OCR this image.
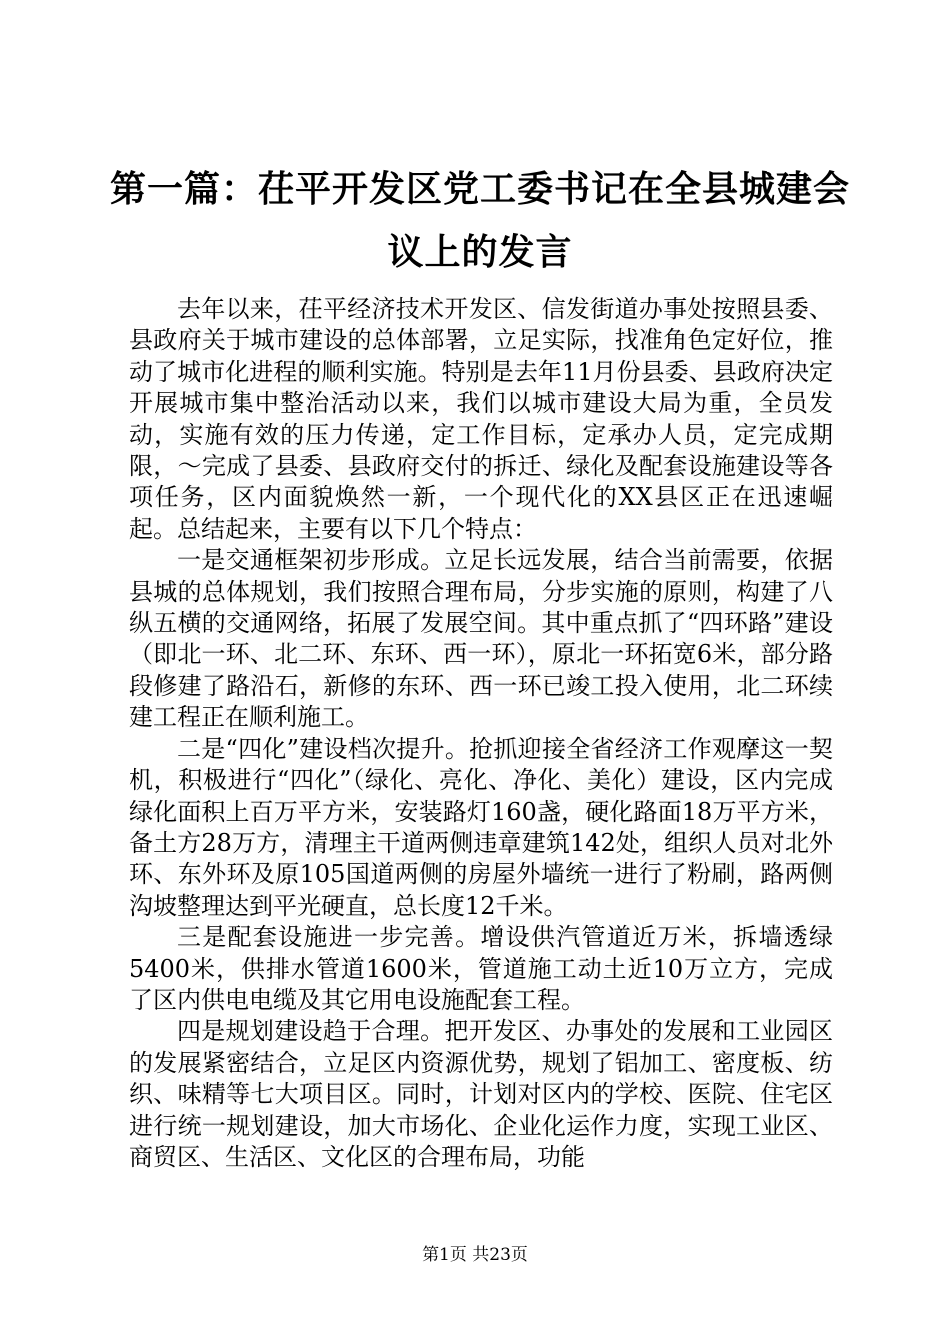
第一篇：茌平开发区党工委书记在全县城建会议上的发言

去年以来，茌平经济技术开发区、信发街道办事处按照县委、县政府关于城市建设的总体部署，立足实际，找准角色定好位，推动了城市化进程的顺利实施。特别是去年11月份县委、县政府决定开展城市集中整治活动以来，我们以城市建设大局为重，全员发动，实施有效的压力传递，定工作目标，定承办人员，定完成期限，～完成了县委、县政府交付的拆迁、绿化及配套设施建设等各项任务，区内面貌焕然一新，一个现代化的XX县区正在迅速崛起。总结起来，主要有以下几个特点：

一是交通框架初步形成。立足长远发展，结合当前需要，依据县城的总体规划，我们按照合理布局，分步实施的原则，构建了八纵五横的交通网络，拓展了发展空间。其中重点抓了“四环路”建设（即北一环、北二环、东环、西一环），原北一环拓宽6米，部分路段修建了路沿石，新修的东环、西一环已竣工投入使用，北二环续建工程正在顺利施工。

二是“四化”建设档次提升。抢抓迎接全省经济工作观摩这一契机，积极进行“四化”（绿化、亮化、净化、美化）建设，区内完成绿化面积上百万平方米，安装路灯160盏，硬化路面18万平方米，备土方28万方，清理主干道两侧违章建筑142处，组织人员对北外环、东外环及原105国道两侧的房屋外墙统一进行了粉刷，路两侧沟坡整理达到平光硬直，总长度12千米。

三是配套设施进一步完善。增设供汽管道近万米，拆墙透绿5400米，供排水管道1600米，管道施工动土近10万立方，完成了区内供电电缆及其它用电设施配套工程。

四是规划建设趋于合理。把开发区、办事处的发展和工业园区的发展紧密结合，立足区内资源优势，规划了铝加工、密度板、纺织、味精等七大项目区。同时，计划对区内的学校、医院、住宅区进行统一规划建设，加大市场化、企业化运作力度，实现工业区、商贸区、生活区、文化区的合理布局，功能

第1页 共23页
